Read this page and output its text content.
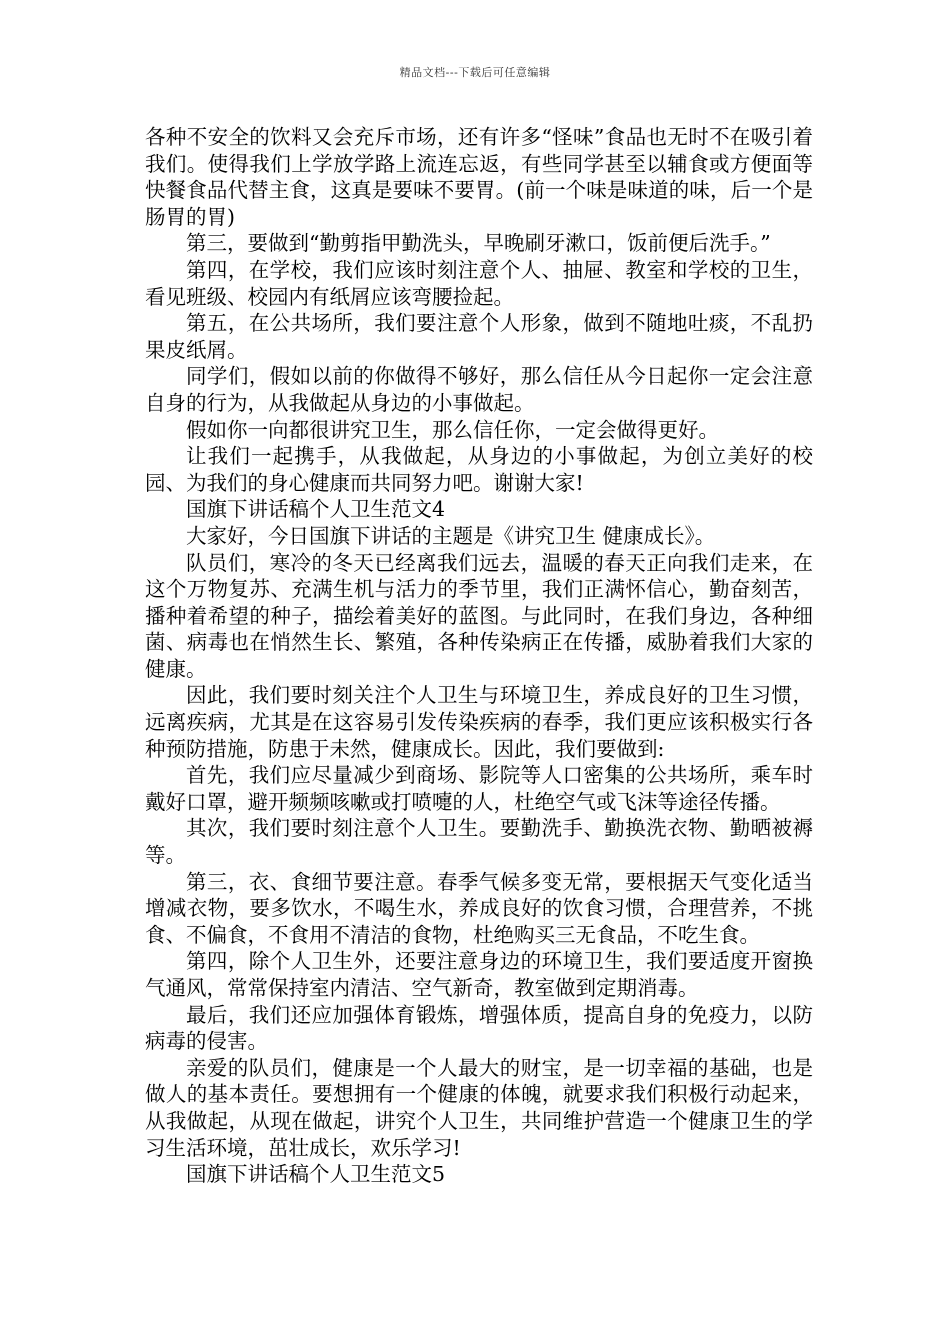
精品文档---下载后可任意编辑

各种不安全的饮料又会充斥市场，还有许多“怪味”食品也无时不在吸引着我们。使得我们上学放学路上流连忘返，有些同学甚至以辅食或方便面等快餐食品代替主食，这真是要味不要胃。(前一个味是味道的味，后一个是肠胃的胃)

第三，要做到“勤剪指甲勤洗头，早晚刷牙漱口，饭前便后洗手。”

第四，在学校，我们应该时刻注意个人、抽屉、教室和学校的卫生，看见班级、校园内有纸屑应该弯腰捡起。

第五，在公共场所，我们要注意个人形象，做到不随地吐痰，不乱扔果皮纸屑。

同学们，假如以前的你做得不够好，那么信任从今日起你一定会注意自身的行为，从我做起从身边的小事做起。

假如你一向都很讲究卫生，那么信任你，一定会做得更好。

让我们一起携手，从我做起，从身边的小事做起，为创立美好的校园、为我们的身心健康而共同努力吧。谢谢大家!

国旗下讲话稿个人卫生范文4

大家好，今日国旗下讲话的主题是《讲究卫生 健康成长》。

队员们，寒冷的冬天已经离我们远去，温暖的春天正向我们走来，在这个万物复苏、充满生机与活力的季节里，我们正满怀信心，勤奋刻苦，播种着希望的种子，描绘着美好的蓝图。与此同时，在我们身边，各种细菌、病毒也在悄然生长、繁殖，各种传染病正在传播，威胁着我们大家的健康。

因此，我们要时刻关注个人卫生与环境卫生，养成良好的卫生习惯，远离疾病，尤其是在这容易引发传染疾病的春季，我们更应该积极实行各种预防措施，防患于未然，健康成长。因此，我们要做到:

首先，我们应尽量减少到商场、影院等人口密集的公共场所，乘车时戴好口罩，避开频频咳嗽或打喷嚏的人，杜绝空气或飞沫等途径传播。

其次，我们要时刻注意个人卫生。要勤洗手、勤换洗衣物、勤晒被褥等。

第三，衣、食细节要注意。春季气候多变无常，要根据天气变化适当增减衣物，要多饮水，不喝生水，养成良好的饮食习惯，合理营养，不挑食、不偏食，不食用不清洁的食物，杜绝购买三无食品，不吃生食。

第四，除个人卫生外，还要注意身边的环境卫生，我们要适度开窗换气通风，常常保持室内清洁、空气新奇，教室做到定期消毒。

最后，我们还应加强体育锻炼，增强体质，提高自身的免疫力，以防病毒的侵害。

亲爱的队员们，健康是一个人最大的财宝，是一切幸福的基础，也是做人的基本责任。要想拥有一个健康的体魄，就要求我们积极行动起来，从我做起，从现在做起，讲究个人卫生，共同维护营造一个健康卫生的学习生活环境，茁壮成长，欢乐学习!

国旗下讲话稿个人卫生范文5
